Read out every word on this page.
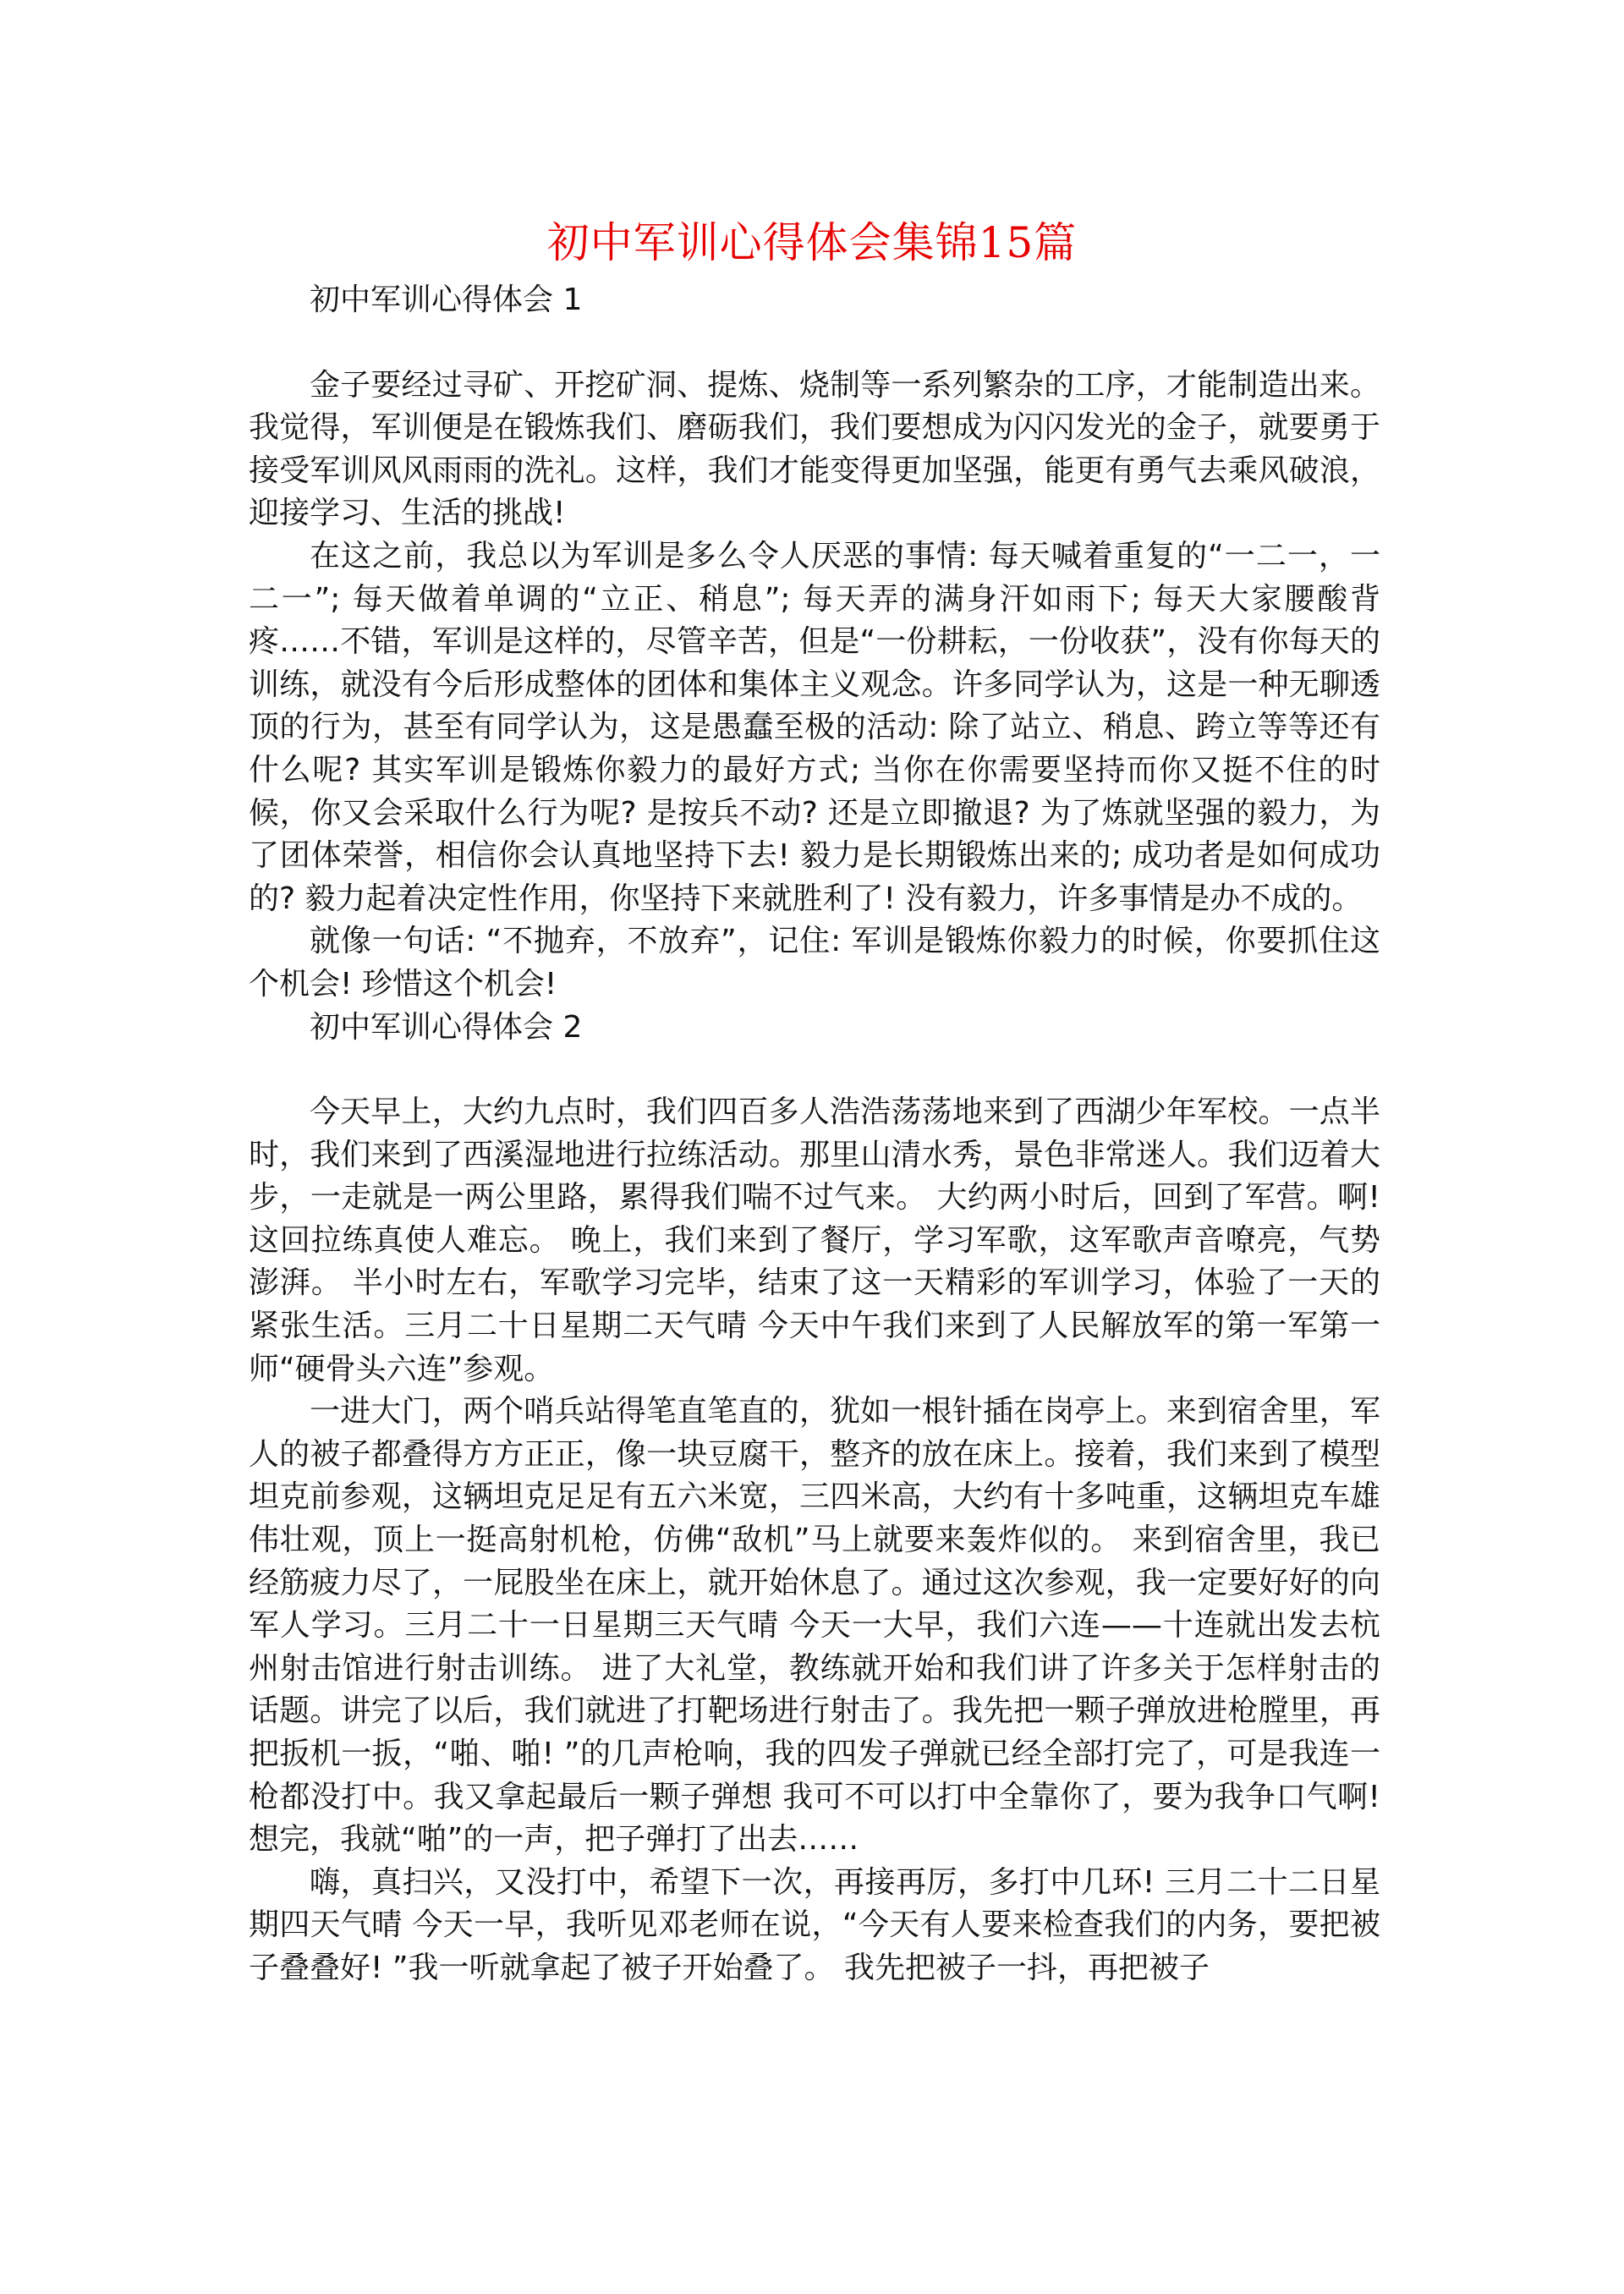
初中军训心得体会集锦15篇

初中军训心得体会 1

金子要经过寻矿、开挖矿洞、提炼、烧制等一系列繁杂的工序，才能制造出来。我觉得，军训便是在锻炼我们、磨砺我们，我们要想成为闪闪发光的金子，就要勇于接受军训风风雨雨的洗礼。这样，我们才能变得更加坚强，能更有勇气去乘风破浪，迎接学习、生活的挑战!

在这之前，我总以为军训是多么令人厌恶的事情: 每天喊着重复的“一二一，一二一”; 每天做着单调的“立正、稍息”; 每天弄的满身汗如雨下; 每天大家腰酸背疼……不错，军训是这样的，尽管辛苦，但是“一份耕耘，一份收获”，没有你每天的训练，就没有今后形成整体的团体和集体主义观念。许多同学认为，这是一种无聊透顶的行为，甚至有同学认为，这是愚蠢至极的活动: 除了站立、稍息、跨立等等还有什么呢? 其实军训是锻炼你毅力的最好方式; 当你在你需要坚持而你又挺不住的时候，你又会采取什么行为呢? 是按兵不动? 还是立即撤退? 为了炼就坚强的毅力，为了团体荣誉，相信你会认真地坚持下去! 毅力是长期锻炼出来的; 成功者是如何成功的? 毅力起着决定性作用，你坚持下来就胜利了! 没有毅力，许多事情是办不成的。

就像一句话: “不抛弃，不放弃”，记住: 军训是锻炼你毅力的时候，你要抓住这个机会! 珍惜这个机会!

初中军训心得体会 2

今天早上，大约九点时，我们四百多人浩浩荡荡地来到了西湖少年军校。一点半时，我们来到了西溪湿地进行拉练活动。那里山清水秀，景色非常迷人。我们迈着大步，一走就是一两公里路，累得我们喘不过气来。 大约两小时后，回到了军营。啊! 这回拉练真使人难忘。 晚上，我们来到了餐厅，学习军歌，这军歌声音嘹亮，气势澎湃。 半小时左右，军歌学习完毕，结束了这一天精彩的军训学习，体验了一天的紧张生活。三月二十日星期二天气晴 今天中午我们来到了人民解放军的第一军第一师“硬骨头六连”参观。

一进大门，两个哨兵站得笔直笔直的，犹如一根针插在岗亭上。来到宿舍里，军人的被子都叠得方方正正，像一块豆腐干，整齐的放在床上。接着，我们来到了模型坦克前参观，这辆坦克足足有五六米宽，三四米高，大约有十多吨重，这辆坦克车雄伟壮观，顶上一挺高射机枪，仿佛“敌机”马上就要来轰炸似的。 来到宿舍里，我已经筋疲力尽了，一屁股坐在床上，就开始休息了。通过这次参观，我一定要好好的向军人学习。三月二十一日星期三天气晴 今天一大早，我们六连——十连就出发去杭州射击馆进行射击训练。 进了大礼堂，教练就开始和我们讲了许多关于怎样射击的话题。讲完了以后，我们就进了打靶场进行射击了。我先把一颗子弹放进枪膛里，再把扳机一扳，“啪、啪! ”的几声枪响，我的四发子弹就已经全部打完了，可是我连一枪都没打中。我又拿起最后一颗子弹想 我可不可以打中全靠你了，要为我争口气啊! 想完，我就“啪”的一声，把子弹打了出去……

嗨，真扫兴，又没打中，希望下一次，再接再厉，多打中几环! 三月二十二日星期四天气晴 今天一早，我听见邓老师在说，“今天有人要来检查我们的内务，要把被子叠叠好! ”我一听就拿起了被子开始叠了。 我先把被子一抖，再把被子
